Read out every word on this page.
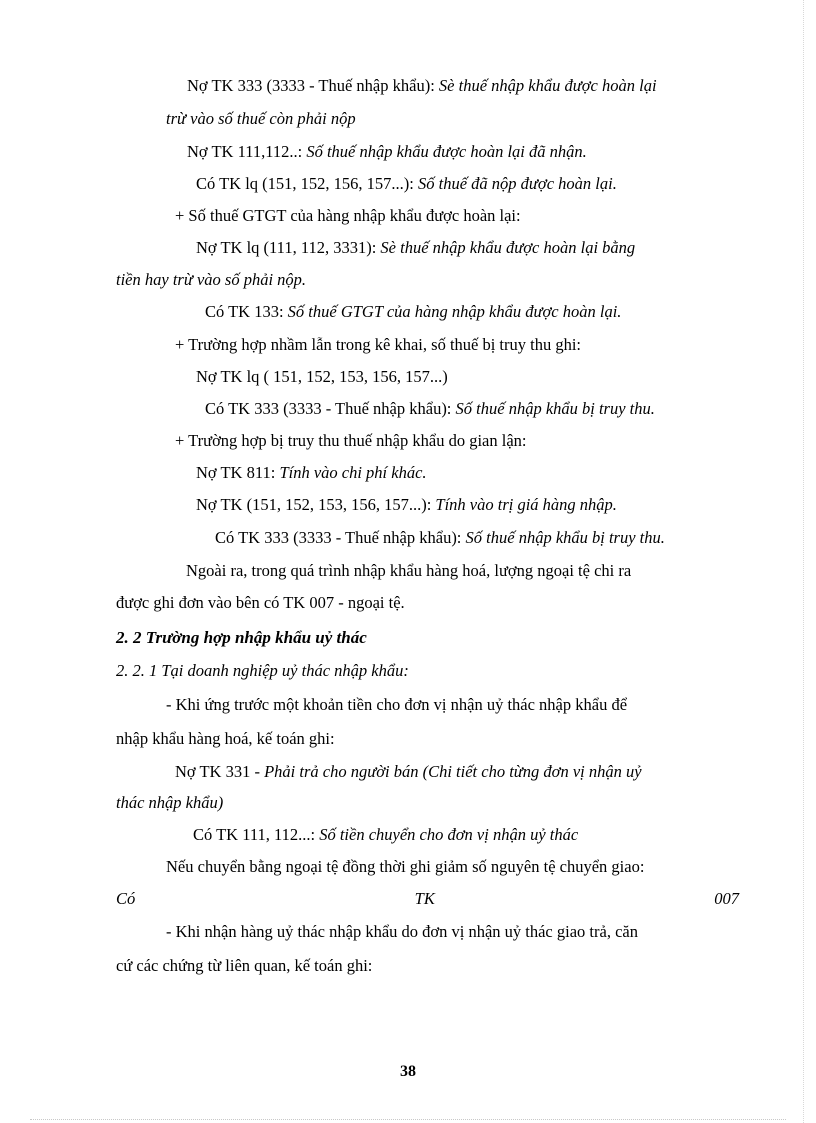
Nợ TK 333 (3333 - Thuế nhập khẩu): Sè thuế nhập khẩu được hoàn lại
trừ vào số thuế còn phải nộp
Nợ TK 111,112..: Số thuế nhập khẩu được hoàn lại đã nhận.
Có TK lq (151, 152, 156, 157...): Số thuế đã nộp được hoàn lại.
+ Số thuế GTGT của hàng nhập khẩu được hoàn lại:
Nợ TK lq (111, 112, 3331): Sè thuế nhập khẩu được hoàn lại bằng
tiền hay trừ vào số phải nộp.
Có TK 133: Số thuế GTGT của hàng nhập khẩu được hoàn lại.
+ Trường hợp nhầm lẫn trong kê khai, số thuế bị truy thu ghi:
Nợ TK lq ( 151, 152, 153, 156, 157...)
Có TK 333 (3333 - Thuế nhập khẩu): Số thuế nhập khẩu bị truy thu.
+ Trường hợp bị truy thu thuế nhập khẩu do gian lận:
Nợ TK 811: Tính vào chi phí khác.
Nợ TK (151, 152, 153, 156, 157...): Tính vào trị giá hàng nhập.
Có TK 333 (3333 - Thuế nhập khẩu): Số thuế nhập khẩu bị truy thu.
Ngoài ra, trong quá trình nhập khẩu hàng hoá, lượng ngoại tệ chi ra
được ghi đơn vào bên có TK 007 - ngoại tệ.
2. 2 Trường hợp nhập khẩu uỷ thác
2. 2. 1 Tại doanh nghiệp uỷ thác nhập khẩu:
- Khi ứng trước một khoản tiền cho đơn vị nhận uỷ thác nhập khẩu để
nhập khẩu hàng hoá, kế toán ghi:
Nợ TK 331 - Phải trả cho người bán (Chi tiết cho từng đơn vị nhận uỷ
thác nhập khẩu)
Có TK 111, 112...: Số tiền chuyển cho đơn vị nhận uỷ thác
Nếu chuyển bằng ngoại tệ đồng thời ghi giảm số nguyên tệ chuyển giao:
Có	TK	007
- Khi nhận hàng uỷ thác nhập khẩu do đơn vị nhận uỷ thác giao trả, căn
cứ các chứng từ liên quan, kế toán ghi:
38
